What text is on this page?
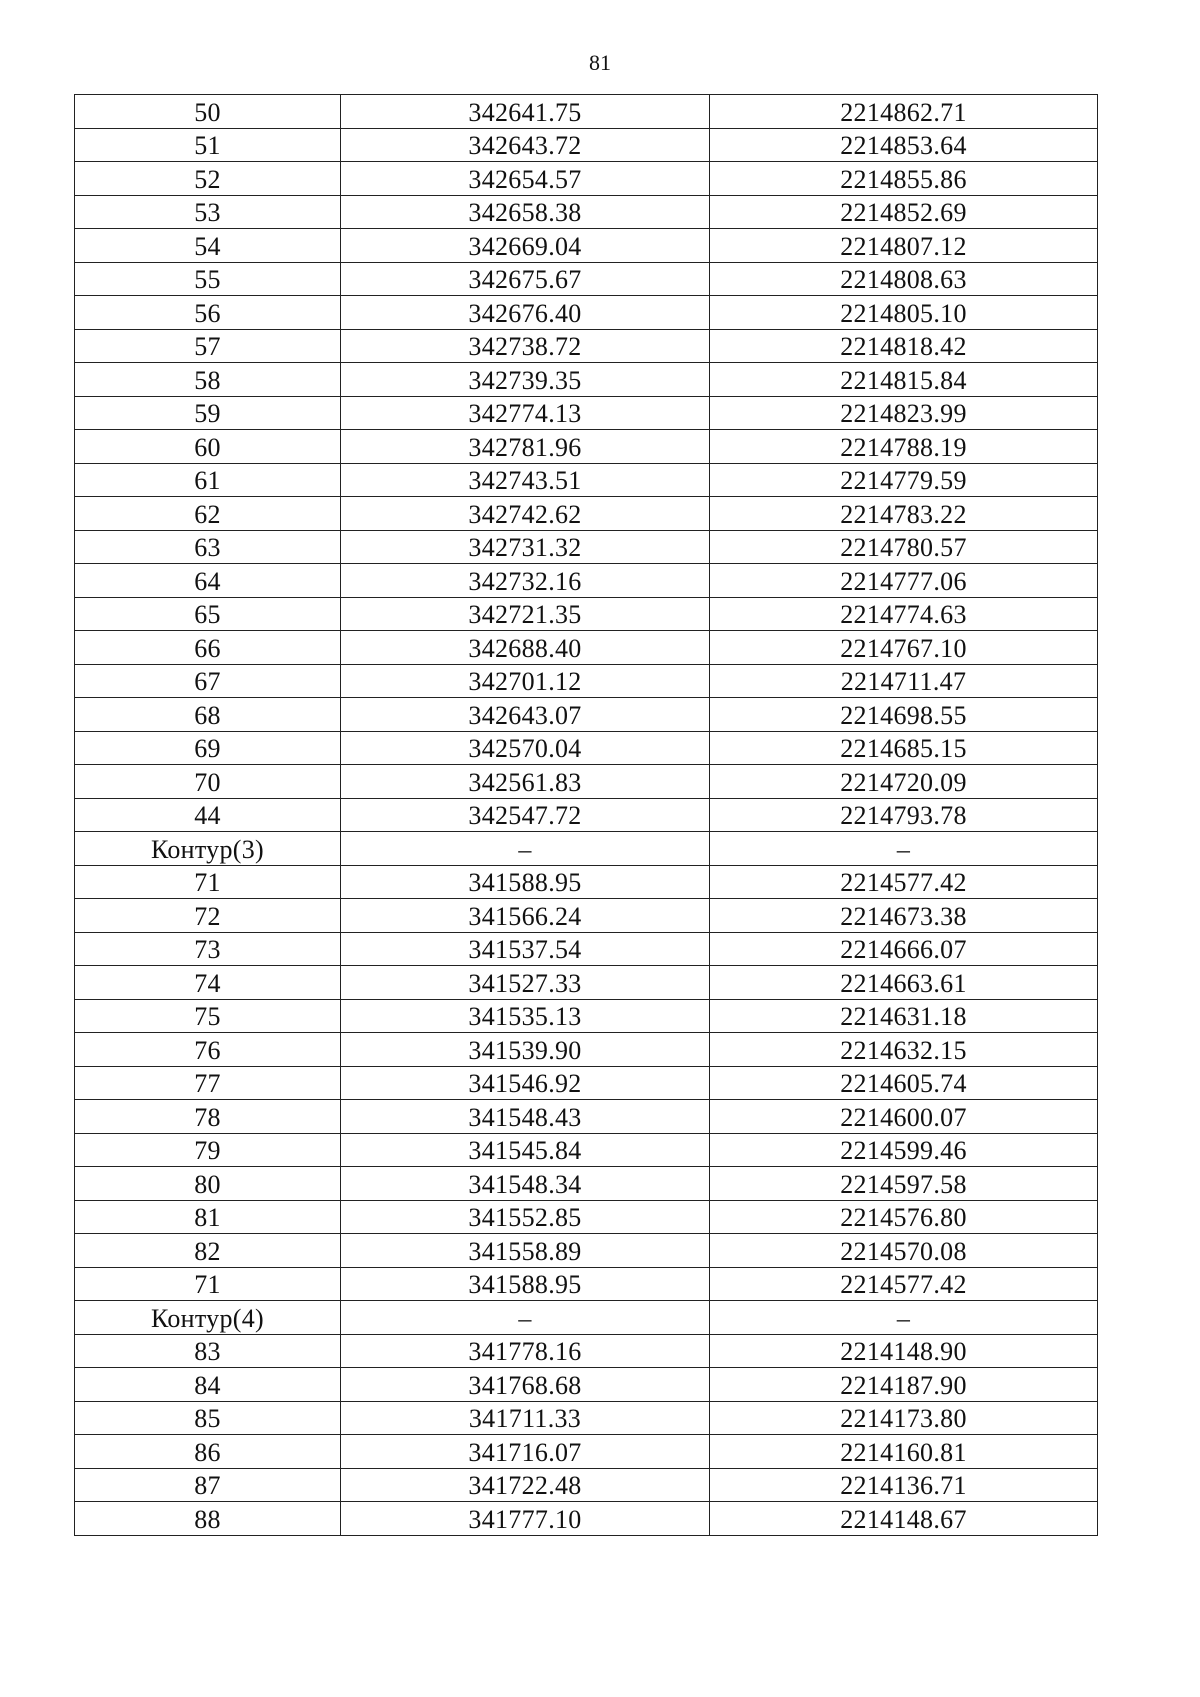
81
50	342641.75	2214862.71
51	342643.72	2214853.64
52	342654.57	2214855.86
53	342658.38	2214852.69
54	342669.04	2214807.12
55	342675.67	2214808.63
56	342676.40	2214805.10
57	342738.72	2214818.42
58	342739.35	2214815.84
59	342774.13	2214823.99
60	342781.96	2214788.19
61	342743.51	2214779.59
62	342742.62	2214783.22
63	342731.32	2214780.57
64	342732.16	2214777.06
65	342721.35	2214774.63
66	342688.40	2214767.10
67	342701.12	2214711.47
68	342643.07	2214698.55
69	342570.04	2214685.15
70	342561.83	2214720.09
44	342547.72	2214793.78
Контур(3)	–	–
71	341588.95	2214577.42
72	341566.24	2214673.38
73	341537.54	2214666.07
74	341527.33	2214663.61
75	341535.13	2214631.18
76	341539.90	2214632.15
77	341546.92	2214605.74
78	341548.43	2214600.07
79	341545.84	2214599.46
80	341548.34	2214597.58
81	341552.85	2214576.80
82	341558.89	2214570.08
71	341588.95	2214577.42
Контур(4)	–	–
83	341778.16	2214148.90
84	341768.68	2214187.90
85	341711.33	2214173.80
86	341716.07	2214160.81
87	341722.48	2214136.71
88	341777.10	2214148.67
